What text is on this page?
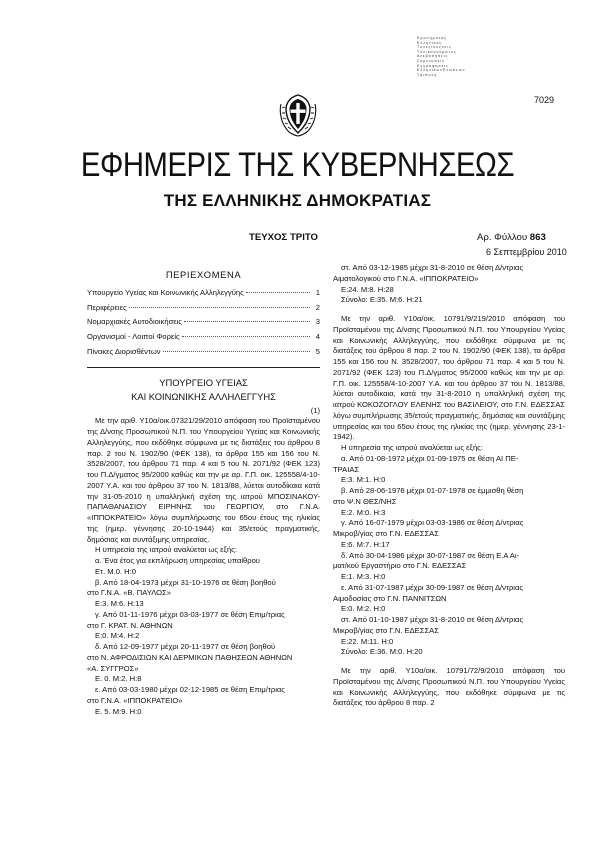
Ε ρ ω τ η μ α τ α ς
Ε λ λ η ν ι κ ο ς
Τ ο ν ε ς ι ο υ ς ν ε ι ς
Τ ο ν ι κ ο ο ν ο μ α τ ο ς
Α ν ε β α σ η σ ε ι ς
Σ η μ ε ι ω σ ε ι ς
Ε γ γ ρ α φ η σ ε ι ς
Ε λ λ η ν ι κ ω ν Ε ν ω σ ε ω ν
Τ ρ ι π ο λ η
7029
ΕΦΗΜΕΡΙΣ ΤΗΣ ΚΥΒΕΡΝΗΣΕΩΣ
ΤΗΣ ΕΛΛΗΝΙΚΗΣ ΔΗΜΟΚΡΑΤΙΑΣ
ΤΕΥΧΟΣ ΤΡΙΤΟ	Αρ. Φύλλου 863
6 Σεπτεμβρίου 2010
ΠΕΡΙΕΧΟΜΕΝΑ
Υπουργείο Υγείας και Κοινωνικής Αλληλεγγύης	1
Περιφέρειες	2
Νομαρχιακές Αυτοδιοικήσεις	3
Οργανισμοί - Λοιποί Φορείς	4
Πίνακες Διορισθέντων	5
ΥΠΟΥΡΓΕΙΟ ΥΓΕΙΑΣ
ΚΑΙ ΚΟΙΝΩΝΙΚΗΣ ΑΛΛΗΛΕΓΓΥΗΣ
(1)
Με την αριθ. Υ10α/οικ.07321/29/2010 απόφαση του Προϊσταμένου της Δ/νσης Προσωπικού Ν.Π. του Υπουργείου Υγείας και Κοινωνικής Αλληλεγγύης, που εκδόθηκε σύμφωνα με τις διατάξεις του άρθρου 8 παρ. 2 του Ν. 1902/90 (ΦΕΚ 138), τα άρθρα 155 και 156 του Ν. 3528/2007, του άρθρου 71 παρ. 4 και 5 του Ν. 2071/92 (ΦΕΚ 123) του Π.Δ/γματος 95/2000 καθώς και την με αρ. Γ.Π. οικ. 125558/4-10-2007 Υ.Α. και του άρθρου 37 του Ν. 1813/88, λύεται αυτοδίκαια κατά την 31-05-2010 η υπαλληλική σχέση της ιατρού ΜΠΟΣΙΝΑΚΟΥ-ΠΑΠΑΘΑΝΑΣΙΟΥ ΕΙΡΗΝΗΣ του ΓΕΩΡΓΙΟΥ, στο Γ.Ν.Α. «ΙΠΠΟΚΡΑΤΕΙΟ» λόγω συμπλήρωσης του 65ου έτους της ηλικίας της (ημερ. γέννησης 20-10-1944) και 35/ετούς πραγματικής, δημόσιας και συντάξιμης υπηρεσίας.
Η υπηρεσία της ιατρού αναλύεται ως εξής:
α. Ένα έτος για εκπλήρωση υπηρεσίας υπαίθρου
Ετ. Μ.0. Η:0
β. Από 18-04-1973 μέχρι 31-10-1976 σε θέση βοηθού
στο Γ.Ν.Α. «Β. ΠΑΥΛΟΣ»
Ε:3. Μ:6. Η:13
γ. Από 01-11-1976 μέχρι 03-03-1977 σε θέση Επιμ/τριας
στο Γ. ΚΡΑΤ. Ν. ΑΘΗΝΩΝ
Ε:0. Μ:4. Η:2
δ. Από 12-09-1977 μέχρι 20-11-1977 σε θέση βοηθού
στο Ν. ΑΦΡΟΔΙΣΙΩΝ ΚΑΙ ΔΕΡΜΙΚΩΝ ΠΑΘΗΣΕΩΝ ΑΘΗΝΩΝ
«Α. ΣΥΓΓΡΟΣ»
Ε. 0. Μ:2. Η:8
ε. Από 03-03-1980 μέχρι 02-12-1985 σε θέση Επιμ/τριας
στο Γ.Ν.Α. «ΙΠΠΟΚΡΑΤΕΙΟ»
Ε. 5. Μ:9. Η:0
στ. Από 03-12-1985 μέχρι 31-8-2010 σε θέση Δ/ντριας
Αιματολογικού στο Γ.Ν.Α. «ΙΠΠΟΚΡΑΤΕΙΟ»
Ε:24. Μ:8. Η:28
Σύνολο: Ε:35. Μ:6. Η:21
Με την αριθ. Υ10α/οικ. 10791/9/219/2010 απόφαση του Προϊσταμένου της Δ/νσης Προσωπικού Ν.Π. του Υπουργείου Υγείας και Κοινωνικής Αλληλεγγύης, που εκδόθηκε σύμφωνα με τις διατάξεις του άρθρου 8 παρ. 2 του Ν. 1902/90 (ΦΕΚ 138), τα άρθρα 155 και 156 του Ν. 3528/2007, του άρθρου 71 παρ. 4 και 5 του Ν. 2071/92 (ΦΕΚ 123) του Π.Δ/γματος 95/2000 καθώς και την με αρ. Γ.Π. οικ. 125558/4-10-2007 Υ.Α. και του άρθρου 37 του Ν. 1813/88, λύεται αυτοδίκαια, κατά την 31-8-2010 η υπαλληλική σχέση της ιατρού ΚΟΚΟΖΟΓΛΟΥ ΕΛΕΝΗΣ του ΒΑΣΙΛΕΙΟΥ, στο Γ.Ν. ΕΔΕΣΣΑΣ λόγω συμπλήρωσης 35/ετούς πραγματικής, δημόσιας και συντάξιμης υπηρεσίας και του 65ου έτους της ηλικίας της (ημερ. γέννησης 23-1-1942).
Η υπηρεσία της ιατρού αναλύεται ως εξής:
α. Από 01-08-1972 μέχρι 01-09-1975 σε θέση ΑΙ ΠΕ-
ΤΡΑΙΑΣ
Ε:3. Μ:1. Η:0
β. Από 28-06-1976 μέχρι 01-07-1978 σε έμμισθη θέση
στο Ψ.Ν ΘΕΣ/ΝΗΣ
Ε:2. Μ:0. Η:3
γ. Από 16-07-1979 μέχρι 03-03-1986 σε θέση Δ/ντριας
Μικροβ/γίας στο Γ.Ν. ΕΔΕΣΣΑΣ
Ε:6. Μ:7. Η:17
δ. Από 30-04-1986 μέχρι 30-07-1987 σε θέση Ε.Α Αι-
ματ/κού Εργαστήριο στο Γ.Ν. ΕΔΕΣΣΑΣ
Ε:1. Μ:3. Η:0
ε. Από 31-07-1987 μέχρι 30-09-1987 σε θέση Δ/ντριας
Αιμοδοσίας στο Γ.Ν. ΠΑΝΝΙΤΣΩΝ
Ε:0. Μ:2. Η:0
στ. Από 01-10-1987 μέχρι 31-8-2010 σε θέση Δ/ντριας
Μικροβ/γίας στο Γ.Ν. ΕΔΕΣΣΑΣ
Ε:22. Μ:11. Η:0
Σύνολο: Ε:36. Μ:0. Η:20
Με την αριθ. Υ10α/οικ. 10791/72/9/2010 απόφαση του Προϊσταμένου της Δ/νσης Προσωπικού Ν.Π. του Υπουργείου Υγείας και Κοινωνικής Αλληλεγγύης, που εκδόθηκε σύμφωνα με τις διατάξεις του άρθρου 8 παρ. 2
